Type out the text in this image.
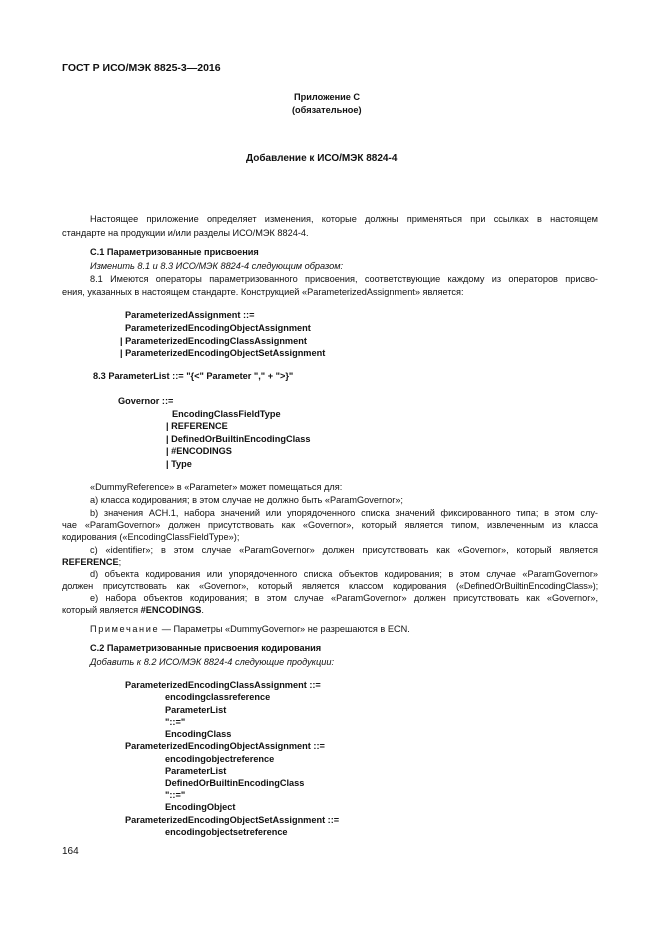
ГОСТ Р ИСО/МЭК 8825-3—2016
Приложение С
(обязательное)
Добавление к ИСО/МЭК 8824-4
Настоящее приложение определяет изменения, которые должны применяться при ссылках в настоящем
стандарте на продукции и/или разделы ИСО/МЭК 8824-4.
С.1 Параметризованные присвоения
Изменить 8.1 и 8.3 ИСО/МЭК 8824-4 следующим образом:
8.1 Имеются операторы параметризованного присвоения, соответствующие каждому из операторов присво-
ения, указанных в настоящем стандарте. Конструкцией «ParameterizedAssignment» является:
ParameterizedAssignment ::=
ParameterizedEncodingObjectAssignment
| ParameterizedEncodingClassAssignment
| ParameterizedEncodingObjectSetAssignment
8.3 ParameterList ::= "{<" Parameter "," + ">}"
Governor ::=
EncodingClassFieldType
| REFERENCE
| DefinedOrBuiltinEncodingClass
| #ENCODINGS
| Type
«DummyReference» в «Parameter» может помещаться для:
a) класса кодирования; в этом случае не должно быть «ParamGovernor»;
b) значения ACH.1, набора значений или упорядоченного списка значений фиксированного типа; в этом слу-
чае «ParamGovernor» должен присутствовать как «Governor», который является типом, извлеченным из класса
кодирования («EncodingClassFieldType»);
c) «identifier»; в этом случае «ParamGovernor» должен присутствовать как «Governor», который является
REFERENCE;
d) объекта кодирования или упорядоченного списка объектов кодирования; в этом случае «ParamGovernor»
должен присутствовать как «Governor», который является классом кодирования («DefinedOrBuiltinEncodingClass»);
e) набора объектов кодирования; в этом случае «ParamGovernor» должен присутствовать как «Governor»,
который является #ENCODINGS.
Примечание — Параметры «DummyGovernor» не разрешаются в ECN.
С.2 Параметризованные присвоения кодирования
Добавить к 8.2 ИСО/МЭК 8824-4 следующие продукции:
ParameterizedEncodingClassAssignment ::=
encodingclassreference
ParameterList
"::="
EncodingClass
ParameterizedEncodingObjectAssignment ::=
encodingobjectreference
ParameterList
DefinedOrBuiltinEncodingClass
"::="
EncodingObject
ParameterizedEncodingObjectSetAssignment ::=
encodingobjectsetreference
164
